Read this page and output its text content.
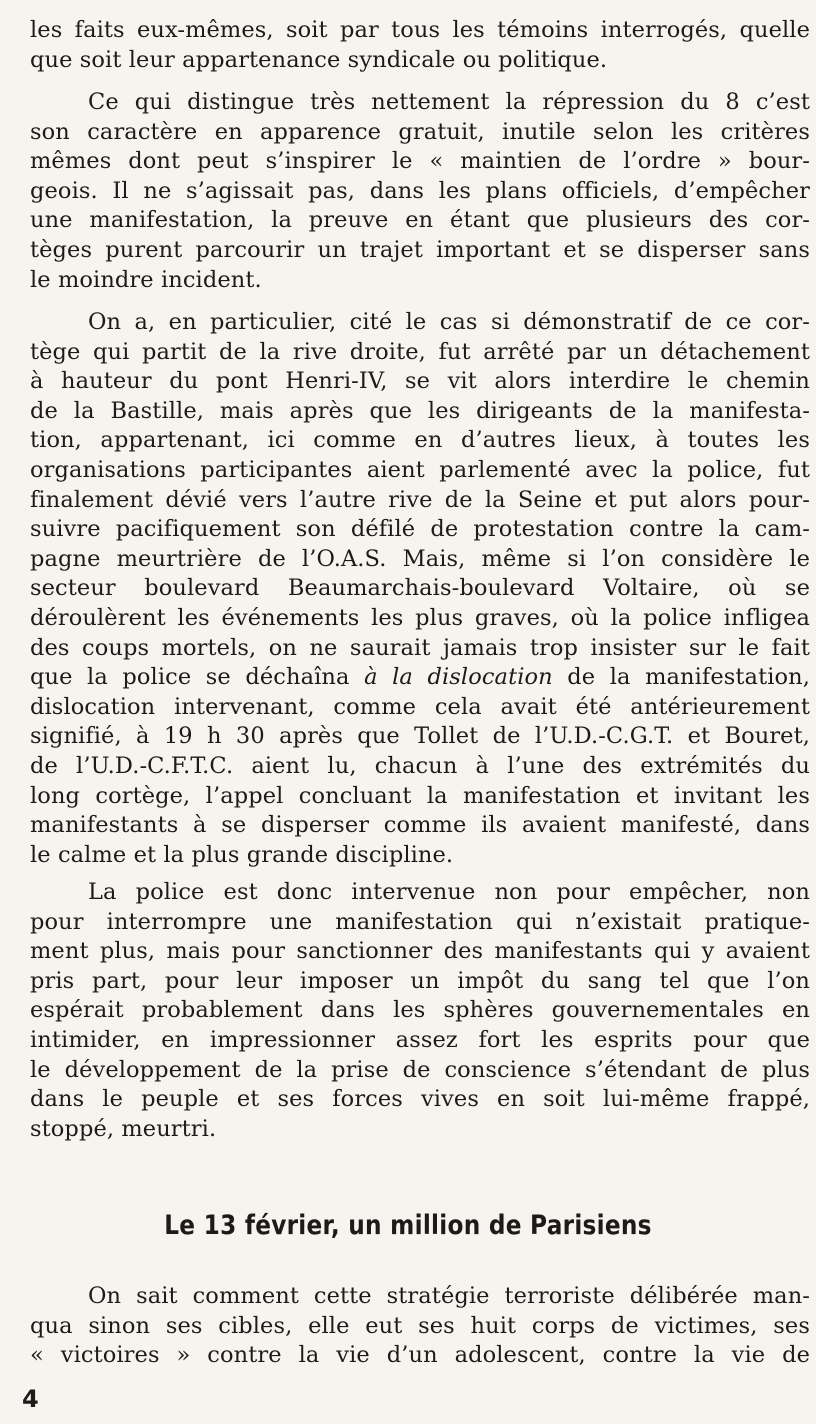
les faits eux-mêmes, soit par tous les témoins interrogés, quelle
que soit leur appartenance syndicale ou politique.
Ce qui distingue très nettement la répression du 8 c’est
son caractère en apparence gratuit, inutile selon les critères
mêmes dont peut s’inspirer le « maintien de l’ordre » bour-
geois. Il ne s’agissait pas, dans les plans officiels, d’empêcher
une manifestation, la preuve en étant que plusieurs des cor-
tèges purent parcourir un trajet important et se disperser sans
le moindre incident.
On a, en particulier, cité le cas si démonstratif de ce cor-
tège qui partit de la rive droite, fut arrêté par un détachement
à hauteur du pont Henri-IV, se vit alors interdire le chemin
de la Bastille, mais après que les dirigeants de la manifesta-
tion, appartenant, ici comme en d’autres lieux, à toutes les
organisations participantes aient parlementé avec la police, fut
finalement dévié vers l’autre rive de la Seine et put alors pour-
suivre pacifiquement son défilé de protestation contre la cam-
pagne meurtrière de l’O.A.S. Mais, même si l’on considère le
secteur boulevard Beaumarchais-boulevard Voltaire, où se
déroulèrent les événements les plus graves, où la police infligea
des coups mortels, on ne saurait jamais trop insister sur le fait
que la police se déchaîna à la dislocation de la manifestation,
dislocation intervenant, comme cela avait été antérieurement
signifié, à 19 h 30 après que Tollet de l’U.D.-C.G.T. et Bouret,
de l’U.D.-C.F.T.C. aient lu, chacun à l’une des extrémités du
long cortège, l’appel concluant la manifestation et invitant les
manifestants à se disperser comme ils avaient manifesté, dans
le calme et la plus grande discipline.
La police est donc intervenue non pour empêcher, non
pour interrompre une manifestation qui n’existait pratique-
ment plus, mais pour sanctionner des manifestants qui y avaient
pris part, pour leur imposer un impôt du sang tel que l’on
espérait probablement dans les sphères gouvernementales en
intimider, en impressionner assez fort les esprits pour que
le développement de la prise de conscience s’étendant de plus
dans le peuple et ses forces vives en soit lui-même frappé,
stoppé, meurtri.
Le 13 février, un million de Parisiens
On sait comment cette stratégie terroriste délibérée man-
qua sinon ses cibles, elle eut ses huit corps de victimes, ses
« victoires » contre la vie d’un adolescent, contre la vie de
4
